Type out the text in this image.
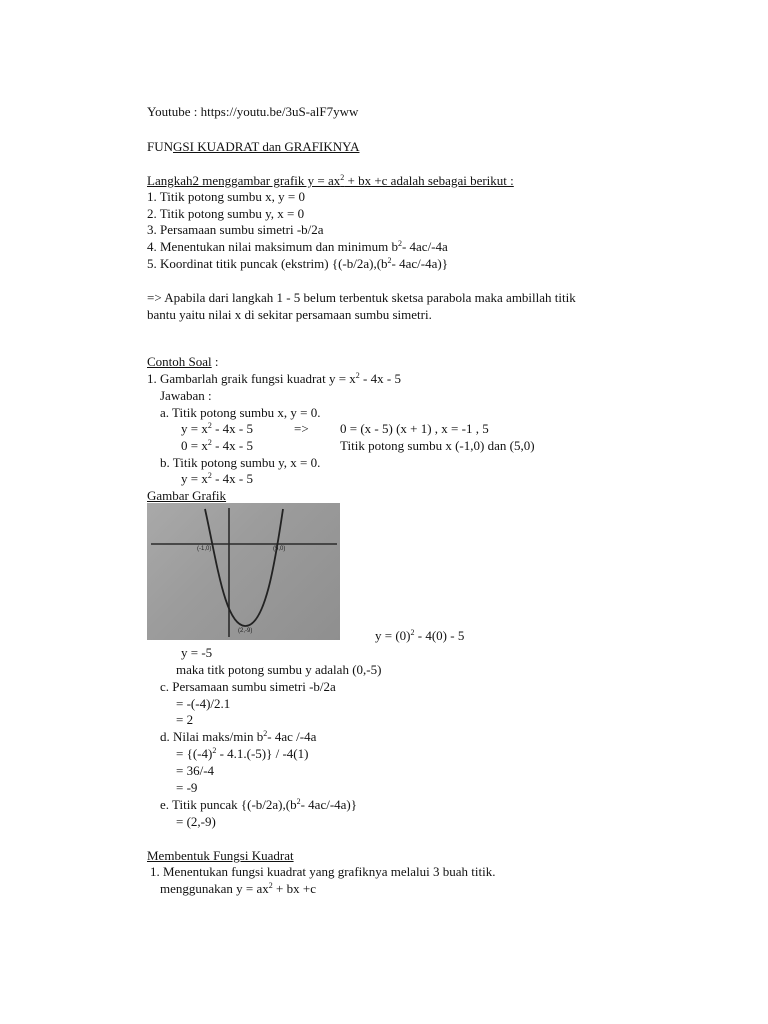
Youtube : https://youtu.be/3uS-alF7yww
FUNGSI KUADRAT dan GRAFIKNYA
Langkah2 menggambar grafik $y = ax^2$ + bx +c adalah sebagai berikut :
1. Titik potong sumbu x, y = 0
2. Titik potong sumbu y, x = 0
3. Persamaan sumbu simetri -b/2a
4. Menentukan nilai maksimum dan minimum $b^2-$ 4ac/-4a
5. Koordinat titik puncak (ekstrim) {$(-b/2a),(b^2-$ 4ac/-4a)}
=> Apabila dari langkah 1 - 5 belum terbentuk sketsa parabola maka ambillah titik
bantu yaitu nilai x di sekitar persamaan sumbu simetri.
Contoh Soal :
1. Gambarlah graik fungsi kuadrat $y = x^2 - 4x - 5$
Jawaban :
a. Titik potong sumbu x, y = 0.
$y = x^2 - 4x - 5$	=> 0 = (x - 5) (x + 1) , x = -1 , 5
$0 = x^2 - 4x - 5$	Titik potong sumbu x (-1,0) dan (5,0)
b. Titik potong sumbu y, x = 0.
$y = x^2 - 4x - 5$
Gambar Grafik
(-1,0)	(5,0)
(2,-9)	$y = (0)^2 - 4(0) - 5$
y = -5
maka titk potong sumbu y adalah (0,-5)
c. Persamaan sumbu simetri -b/2a
= -(-4)/2.1
= 2
d. Nilai maks/min $b^2-$ 4ac /-4a
= $\{(-4)^2 - 4.1.(-5)\} / -4(1)$
= 36/-4
= -9
e. Titik puncak {$(-b/2a),(b^2-$ 4ac/-4a)}
= (2,-9)
Membentuk Fungsi Kuadrat
1. Menentukan fungsi kuadrat yang grafiknya melalui 3 buah titik.
menggunakan $y = ax^2$ + bx +c
